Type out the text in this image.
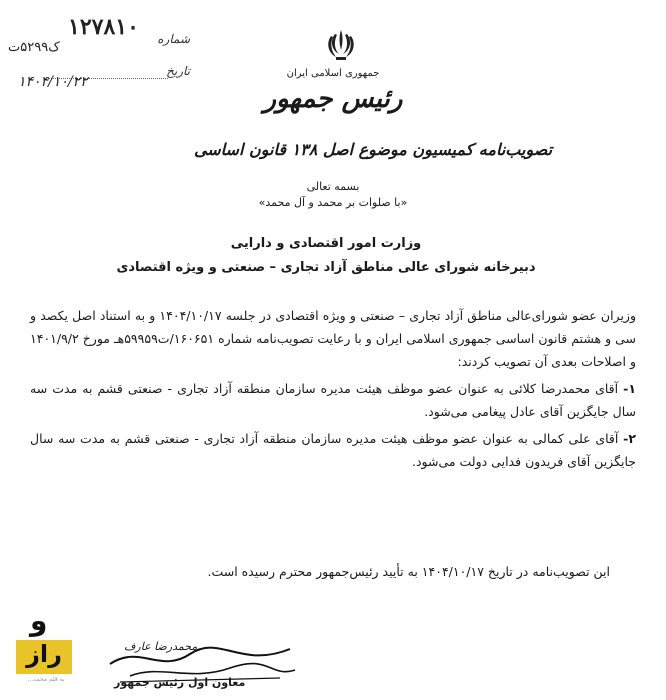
۱۲۷۸۱۰ شماره
ک۵۲۹۹ت
تاریخ
۱۴۰۴/۱۰/۲۲
جمهوری اسلامی ایران
رئیس جمهور
تصویب‌نامه کمیسیون موضوع اصل ۱۳۸ قانون اساسی
بسمه تعالی
«با صلوات بر محمد و آل محمد»
وزارت امور اقتصادی و دارایی
دبیرخانه شورای عالی مناطق آزاد تجاری – صنعتی و ویژه اقتصادی

وزیران عضو شورای‌عالی مناطق آزاد تجاری – صنعتی و ویژه اقتصادی در جلسه ۱۴۰۴/۱۰/۱۷ و به استناد اصل یکصد و سی و هشتم قانون اساسی جمهوری اسلامی ایران و با رعایت تصویب‌نامه شماره ۱۶۰۶۵۱/ت۵۹۹۵۹هـ مورخ ۱۴۰۱/۹/۲ و اصلاحات بعدی آن تصویب کردند:

۱- آقای محمدرضا کلائی به عنوان عضو موظف هیئت مدیره سازمان منطقه آزاد تجاری - صنعتی قشم به مدت سه سال جایگزین آقای عادل پیغامی می‌شود.

۲- آقای علی کمالی به عنوان عضو موظف هیئت مدیره سازمان منطقه آزاد تجاری - صنعتی قشم به مدت سه سال جایگزین آقای فریدون فدایی دولت می‌شود.

این تصویب‌نامه در تاریخ ۱۴۰۴/۱۰/۱۷ به تأیید رئیس‌جمهور محترم رسیده است.
محمدرضا عارف
معاون اول رئیس جمهور
و
راز
به قلم محمد...
